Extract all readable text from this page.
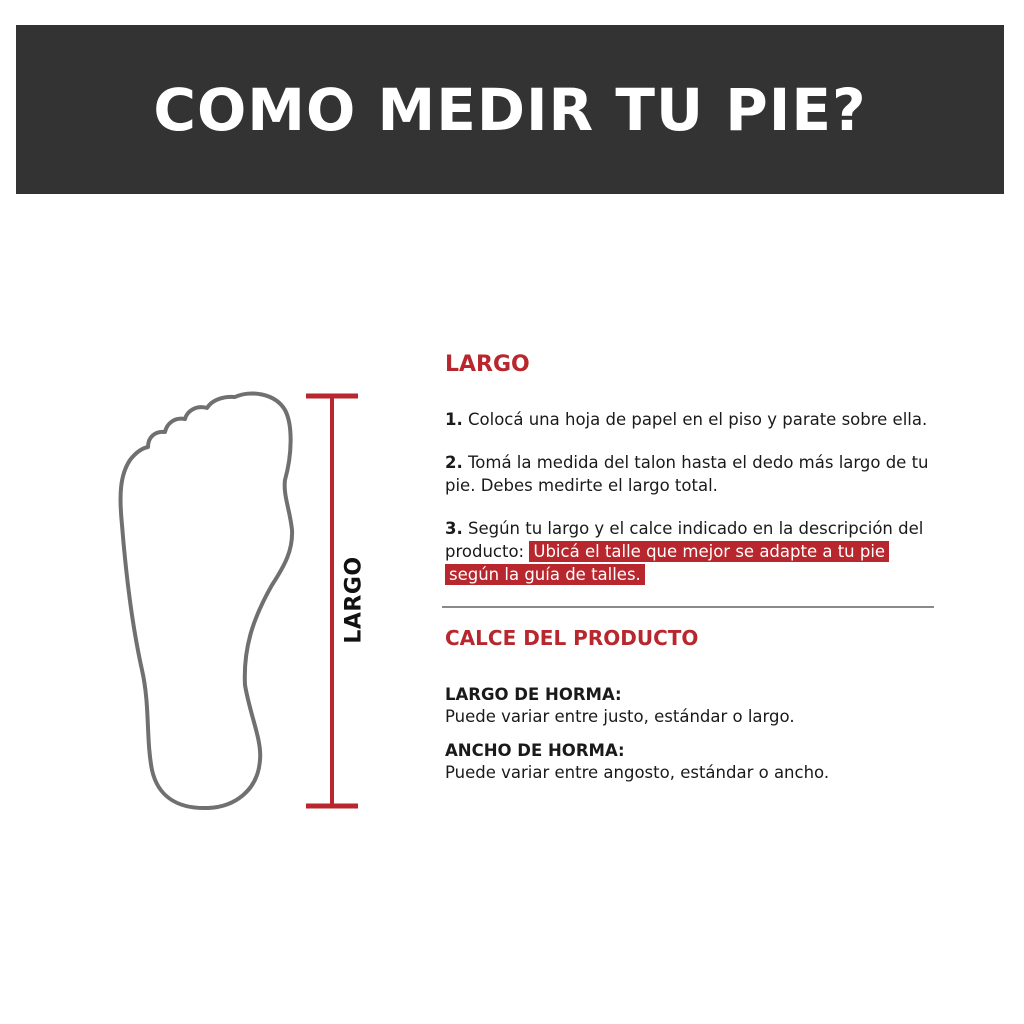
COMO MEDIR TU PIE?
LARGO
LARGO

1. Colocá una hoja de papel en el piso y parate sobre ella.

2. Tomá la medida del talon hasta el dedo más largo de tu pie. Debes medirte el largo total.

3. Según tu largo y el calce indicado en la descripción del producto: Ubicá el talle que mejor se adapte a tu pie según la guía de talles.

CALCE DEL PRODUCTO
LARGO DE HORMA:
Puede variar entre justo, estándar o largo.
ANCHO DE HORMA:
Puede variar entre angosto, estándar o ancho.
